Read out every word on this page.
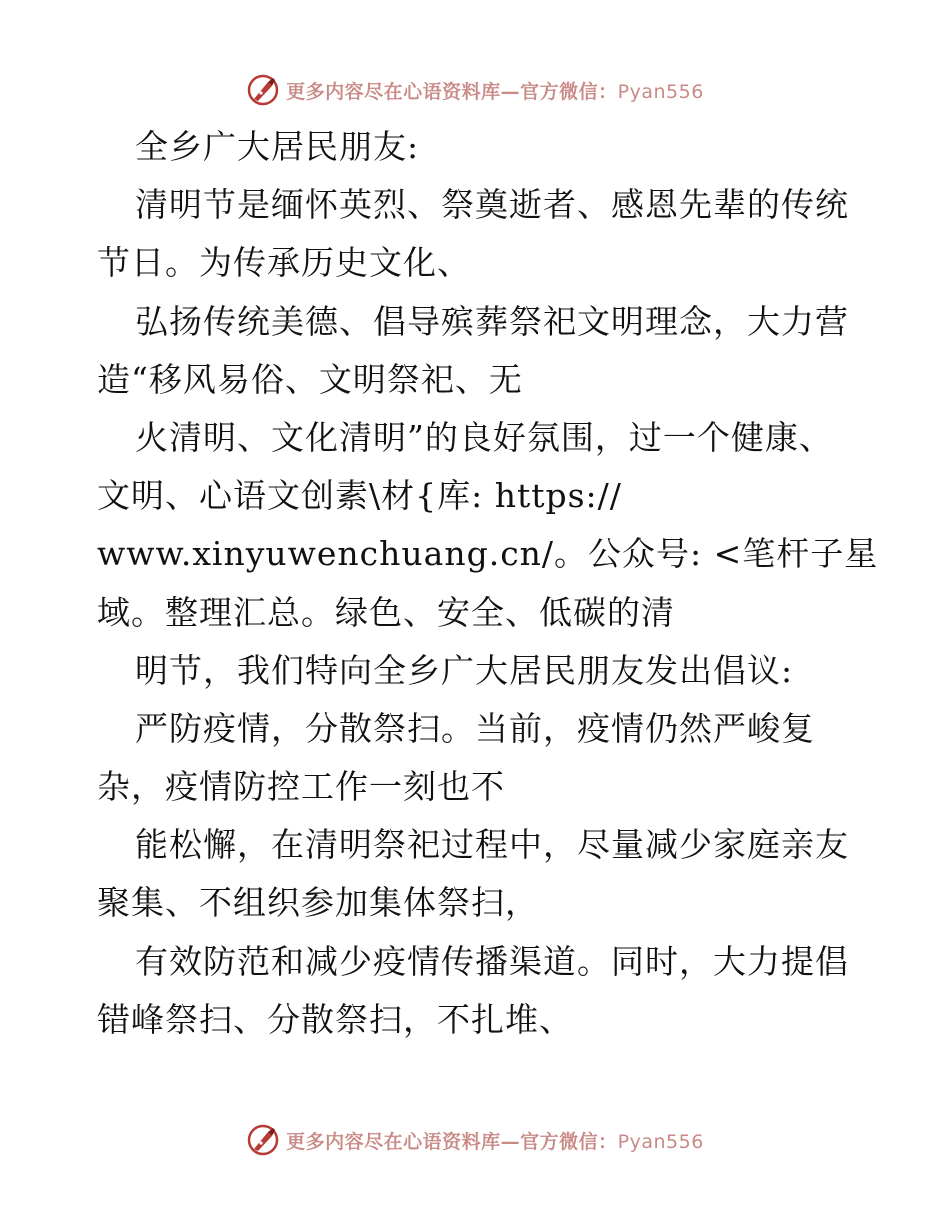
更多内容尽在心语资料库—官方微信：Pyan556
全乡广大居民朋友:
清明节是缅怀英烈、祭奠逝者、感恩先辈的传统
节日。为传承历史文化、
弘扬传统美德、倡导殡葬祭祀文明理念，大力营
造“移风易俗、文明祭祀、无
火清明、文化清明”的良好氛围，过一个健康、
文明、心语文创素\材{库: https://
www.xinyuwenchuang.cn/。公众号: <笔杆子星
域。整理汇总。绿色、安全、低碳的清
明节，我们特向全乡广大居民朋友发出倡议:
严防疫情，分散祭扫。当前，疫情仍然严峻复
杂，疫情防控工作一刻也不
能松懈，在清明祭祀过程中，尽量减少家庭亲友
聚集、不组织参加集体祭扫，
有效防范和减少疫情传播渠道。同时，大力提倡
错峰祭扫、分散祭扫，不扎堆、
更多内容尽在心语资料库—官方微信：Pyan556
